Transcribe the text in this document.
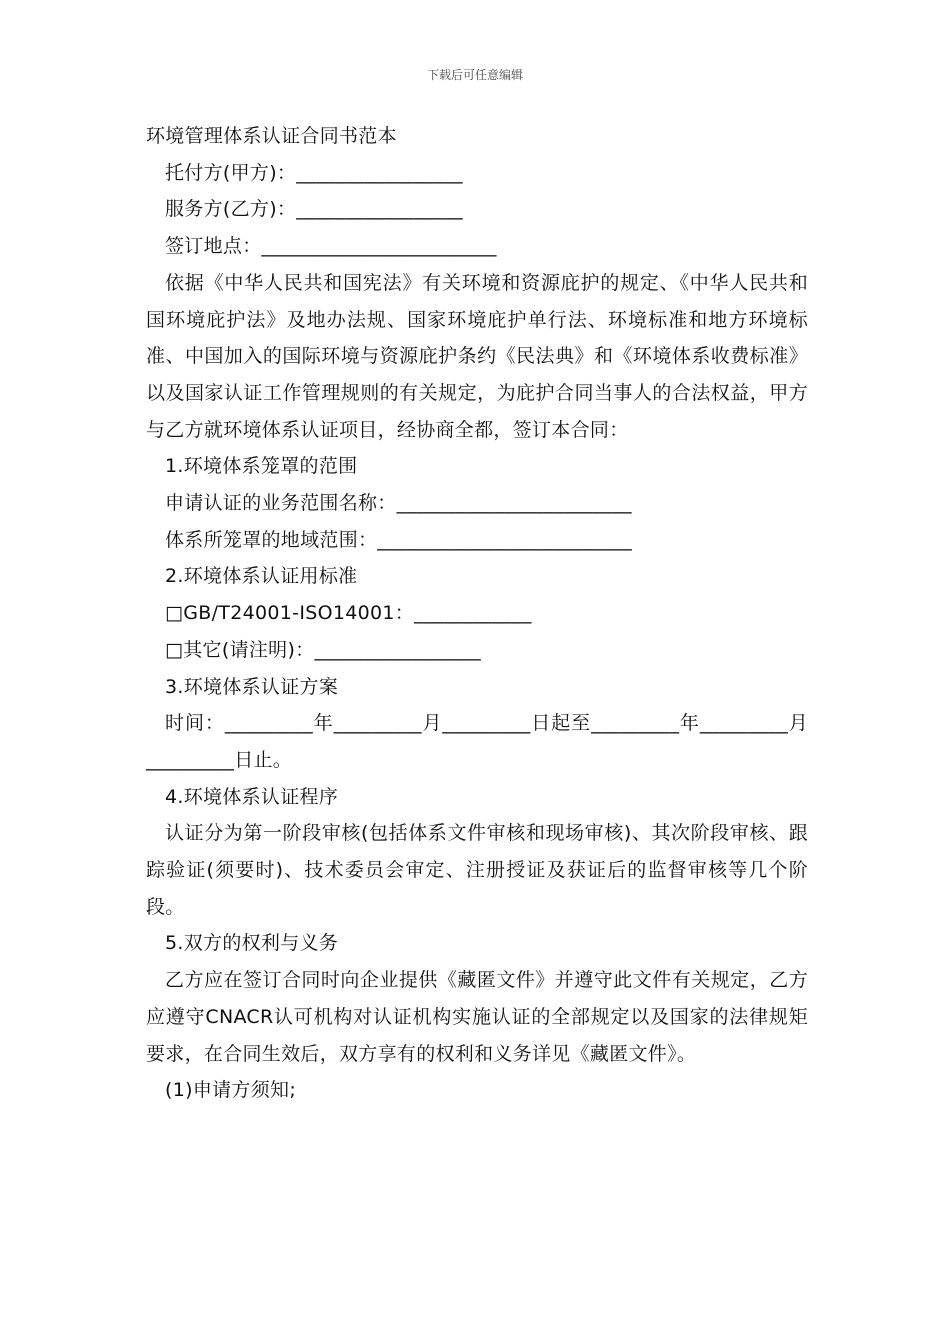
下载后可任意编辑

环境管理体系认证合同书范本

托付方(甲方)：_________________

服务方(乙方)：_________________

签订地点：________________________

依据《中华人民共和国宪法》有关环境和资源庇护的规定、《中华人民共和国环境庇护法》及地办法规、国家环境庇护单行法、环境标准和地方环境标准、中国加入的国际环境与资源庇护条约《民法典》和《环境体系收费标准》以及国家认证工作管理规则的有关规定，为庇护合同当事人的合法权益，甲方与乙方就环境体系认证项目，经协商全都，签订本合同：

1.环境体系笼罩的范围

申请认证的业务范围名称：________________________

体系所笼罩的地域范围：__________________________

2.环境体系认证用标准

□GB/T24001-ISO14001：____________

□其它(请注明)：_________________

3.环境体系认证方案

时间：_________年_________月_________日起至_________年_________月_________日止。

4.环境体系认证程序

认证分为第一阶段审核(包括体系文件审核和现场审核)、其次阶段审核、跟踪验证(须要时)、技术委员会审定、注册授证及获证后的监督审核等几个阶段。

5.双方的权利与义务

乙方应在签订合同时向企业提供《藏匿文件》并遵守此文件有关规定，乙方应遵守CNACR认可机构对认证机构实施认证的全部规定以及国家的法律规矩要求，在合同生效后，双方享有的权利和义务详见《藏匿文件》。

(1)申请方须知;
